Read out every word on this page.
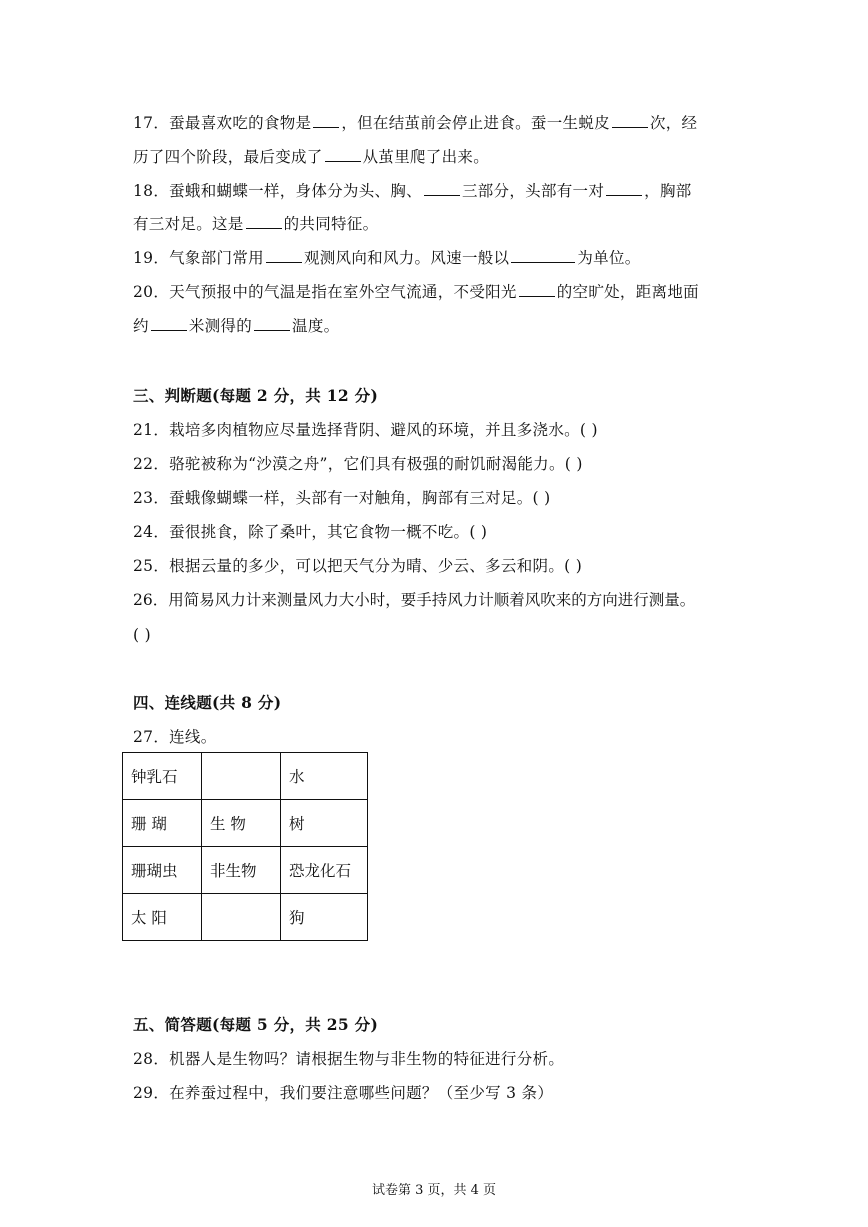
17．蚕最喜欢吃的食物是 ，但在结茧前会停止进食。蚕一生蜕皮	次，经
历了四个阶段，最后变成了	从茧里爬了出来。
18．蚕蛾和蝴蝶一样，身体分为头、胸、	三部分，头部有一对	，胸部
有三对足。这是	的共同特征。
19．气象部门常用	观测风向和风力。风速一般以	为单位。
20．天气预报中的气温是指在室外空气流通，不受阳光	的空旷处，距离地面
约	米测得的	温度。
三、判断题(每题 2 分，共 12 分)
21．栽培多肉植物应尽量选择背阴、避风的环境，并且多浇水。( )
22．骆驼被称为“沙漠之舟”，它们具有极强的耐饥耐渴能力。( )
23．蚕蛾像蝴蝶一样，头部有一对触角，胸部有三对足。( )
24．蚕很挑食，除了桑叶，其它食物一概不吃。( )
25．根据云量的多少，可以把天气分为晴、少云、多云和阴。( )
26．用简易风力计来测量风力大小时，要手持风力计顺着风吹来的方向进行测量。
( )
四、连线题(共 8 分)
27．连线。
钟乳石		水
珊 瑚	生 物	树
珊瑚虫	非生物	恐龙化石
太 阳		狗
五、简答题(每题 5 分，共 25 分)
28．机器人是生物吗？请根据生物与非生物的特征进行分析。
29．在养蚕过程中，我们要注意哪些问题？（至少写 3 条）
试卷第 3 页，共 4 页
